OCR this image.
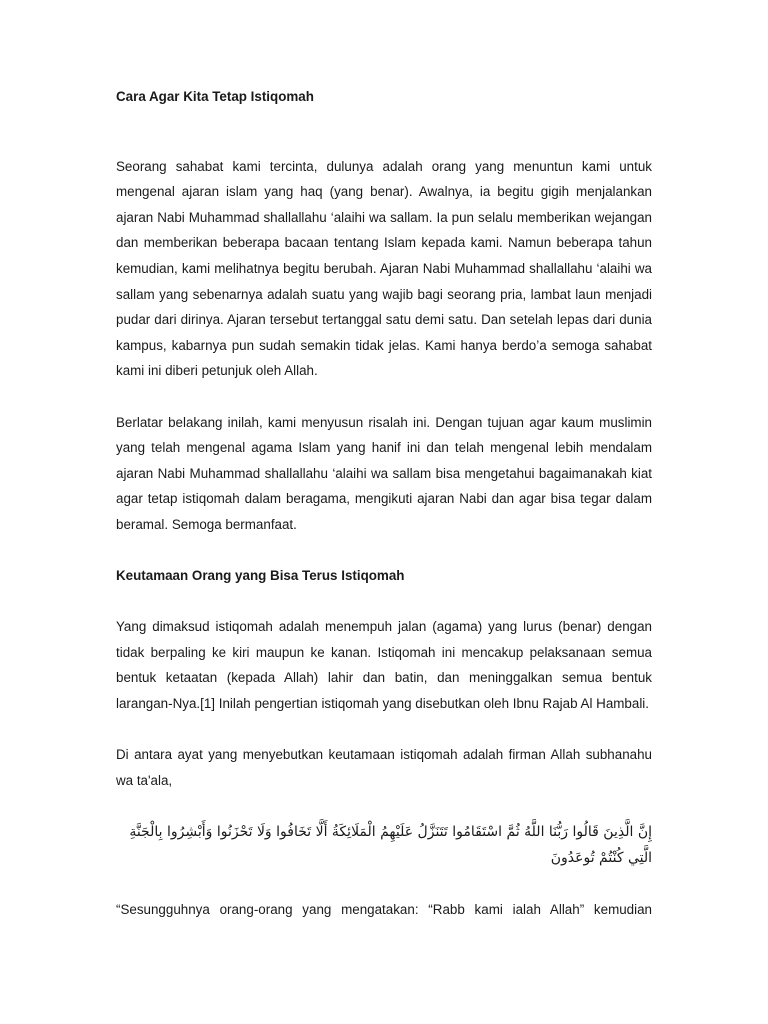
Cara Agar Kita Tetap Istiqomah

Seorang sahabat kami tercinta, dulunya adalah orang yang menuntun kami untuk mengenal ajaran islam yang haq (yang benar). Awalnya, ia begitu gigih menjalankan ajaran Nabi Muhammad shallallahu ‘alaihi wa sallam. Ia pun selalu memberikan wejangan dan memberikan beberapa bacaan tentang Islam kepada kami. Namun beberapa tahun kemudian, kami melihatnya begitu berubah. Ajaran Nabi Muhammad shallallahu ‘alaihi wa sallam yang sebenarnya adalah suatu yang wajib bagi seorang pria, lambat laun menjadi pudar dari dirinya. Ajaran tersebut tertanggal satu demi satu. Dan setelah lepas dari dunia kampus, kabarnya pun sudah semakin tidak jelas. Kami hanya berdo’a semoga sahabat kami ini diberi petunjuk oleh Allah.

Berlatar belakang inilah, kami menyusun risalah ini. Dengan tujuan agar kaum muslimin yang telah mengenal agama Islam yang hanif ini dan telah mengenal lebih mendalam ajaran Nabi Muhammad shallallahu ‘alaihi wa sallam bisa mengetahui bagaimanakah kiat agar tetap istiqomah dalam beragama, mengikuti ajaran Nabi dan agar bisa tegar dalam beramal. Semoga bermanfaat.

Keutamaan Orang yang Bisa Terus Istiqomah

Yang dimaksud istiqomah adalah menempuh jalan (agama) yang lurus (benar) dengan tidak berpaling ke kiri maupun ke kanan. Istiqomah ini mencakup pelaksanaan semua bentuk ketaatan (kepada Allah) lahir dan batin, dan meninggalkan semua bentuk larangan-Nya.[1] Inilah pengertian istiqomah yang disebutkan oleh Ibnu Rajab Al Hambali.

Di antara ayat yang menyebutkan keutamaan istiqomah adalah firman Allah subhanahu wa ta'ala,

إِنَّ الَّذِينَ قَالُوا رَبُّنَا اللَّهُ ثُمَّ اسْتَقَامُوا تَتَنَزَّلُ عَلَيْهِمُ الْمَلَائِكَةُ أَلَّا تَخَافُوا وَلَا تَحْزَنُوا وَأَبْشِرُوا بِالْجَنَّةِ الَّتِي كُنْتُمْ تُوعَدُونَ

“Sesungguhnya orang-orang yang mengatakan: “Rabb kami ialah Allah” kemudian
